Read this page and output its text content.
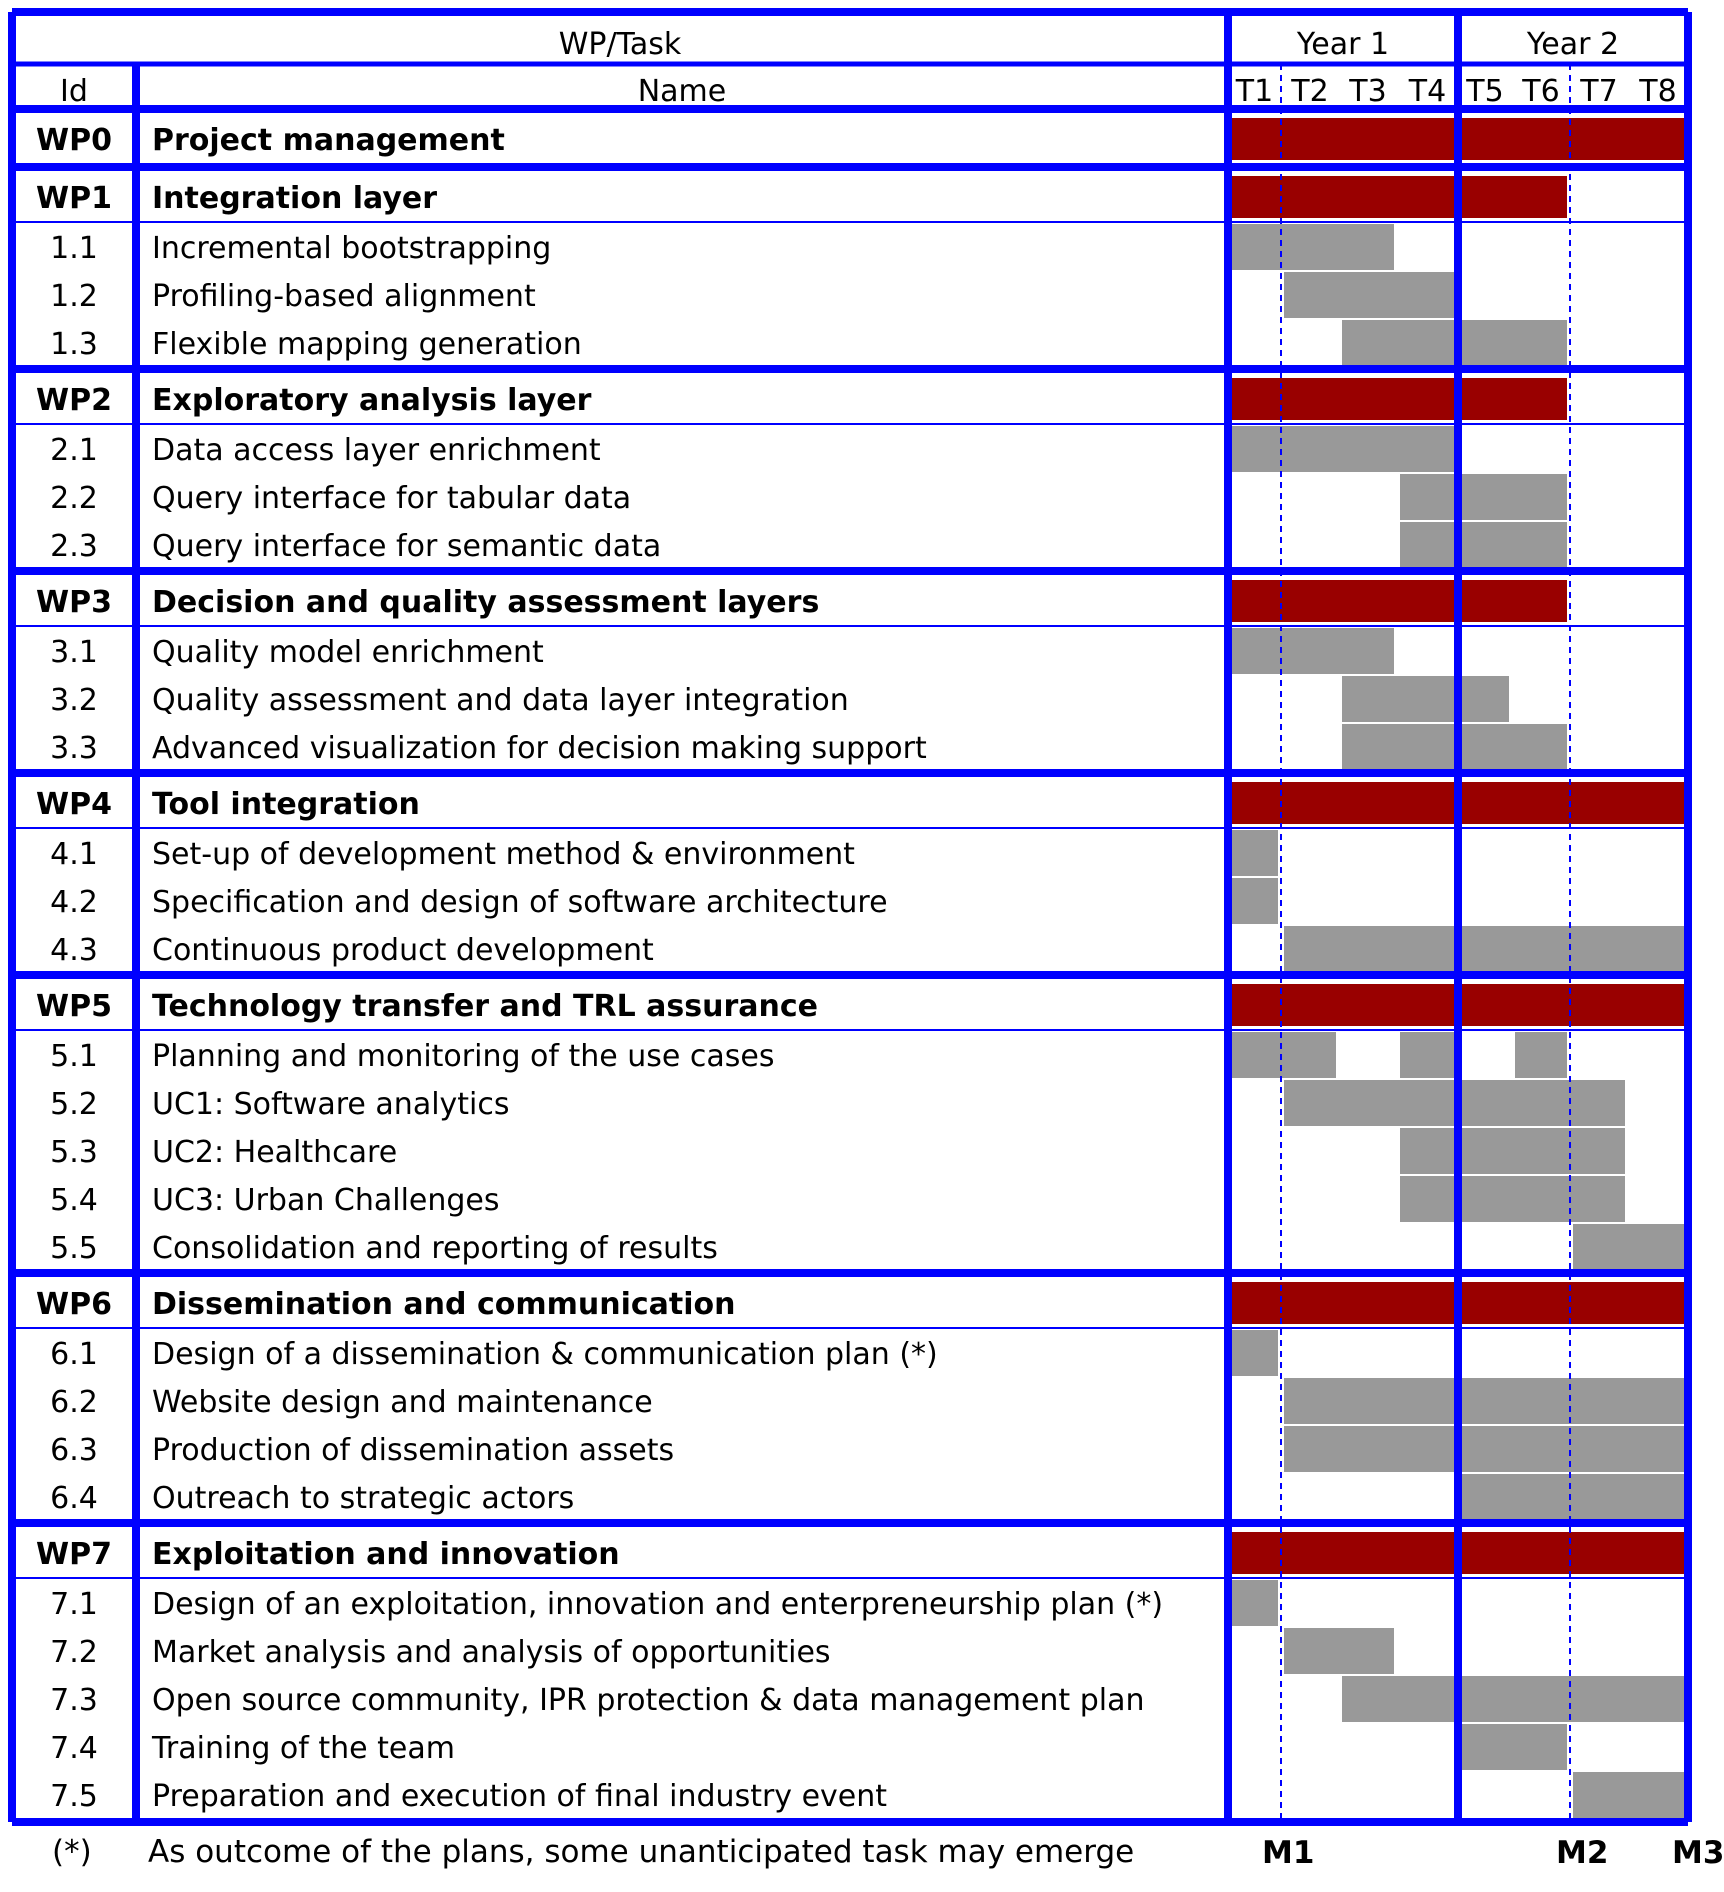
WP/Task	Year 1	Year 2
Id	Name	T1 T2 T3 T4 T5 T6 T7 T8
WP0	Project management
WP1	Integration layer
1.1	Incremental bootstrapping
1.2	Profiling-based alignment
1.3	Flexible mapping generation
WP2	Exploratory analysis layer
2.1	Data access layer enrichment
2.2	Query interface for tabular data
2.3	Query interface for semantic data
WP3	Decision and quality assessment layers
3.1	Quality model enrichment
3.2	Quality assessment and data layer integration
3.3	Advanced visualization for decision making support
WP4	Tool integration
4.1	Set-up of development method & environment
4.2	Specification and design of software architecture
4.3	Continuous product development
WP5	Technology transfer and TRL assurance
5.1	Planning and monitoring of the use cases
5.2	UC1: Software analytics
5.3	UC2: Healthcare
5.4	UC3: Urban Challenges
5.5	Consolidation and reporting of results
WP6	Dissemination and communication
6.1	Design of a dissemination & communication plan (*)
6.2	Website design and maintenance
6.3	Production of dissemination assets
6.4	Outreach to strategic actors
WP7	Exploitation and innovation
7.1	Design of an exploitation, innovation and enterpreneurship plan (*)
7.2	Market analysis and analysis of opportunities
7.3	Open source community, IPR protection & data management plan
7.4	Training of the team
7.5	Preparation and execution of final industry event
(*) As outcome of the plans, some unanticipated task may emerge	M1	M2 M3
